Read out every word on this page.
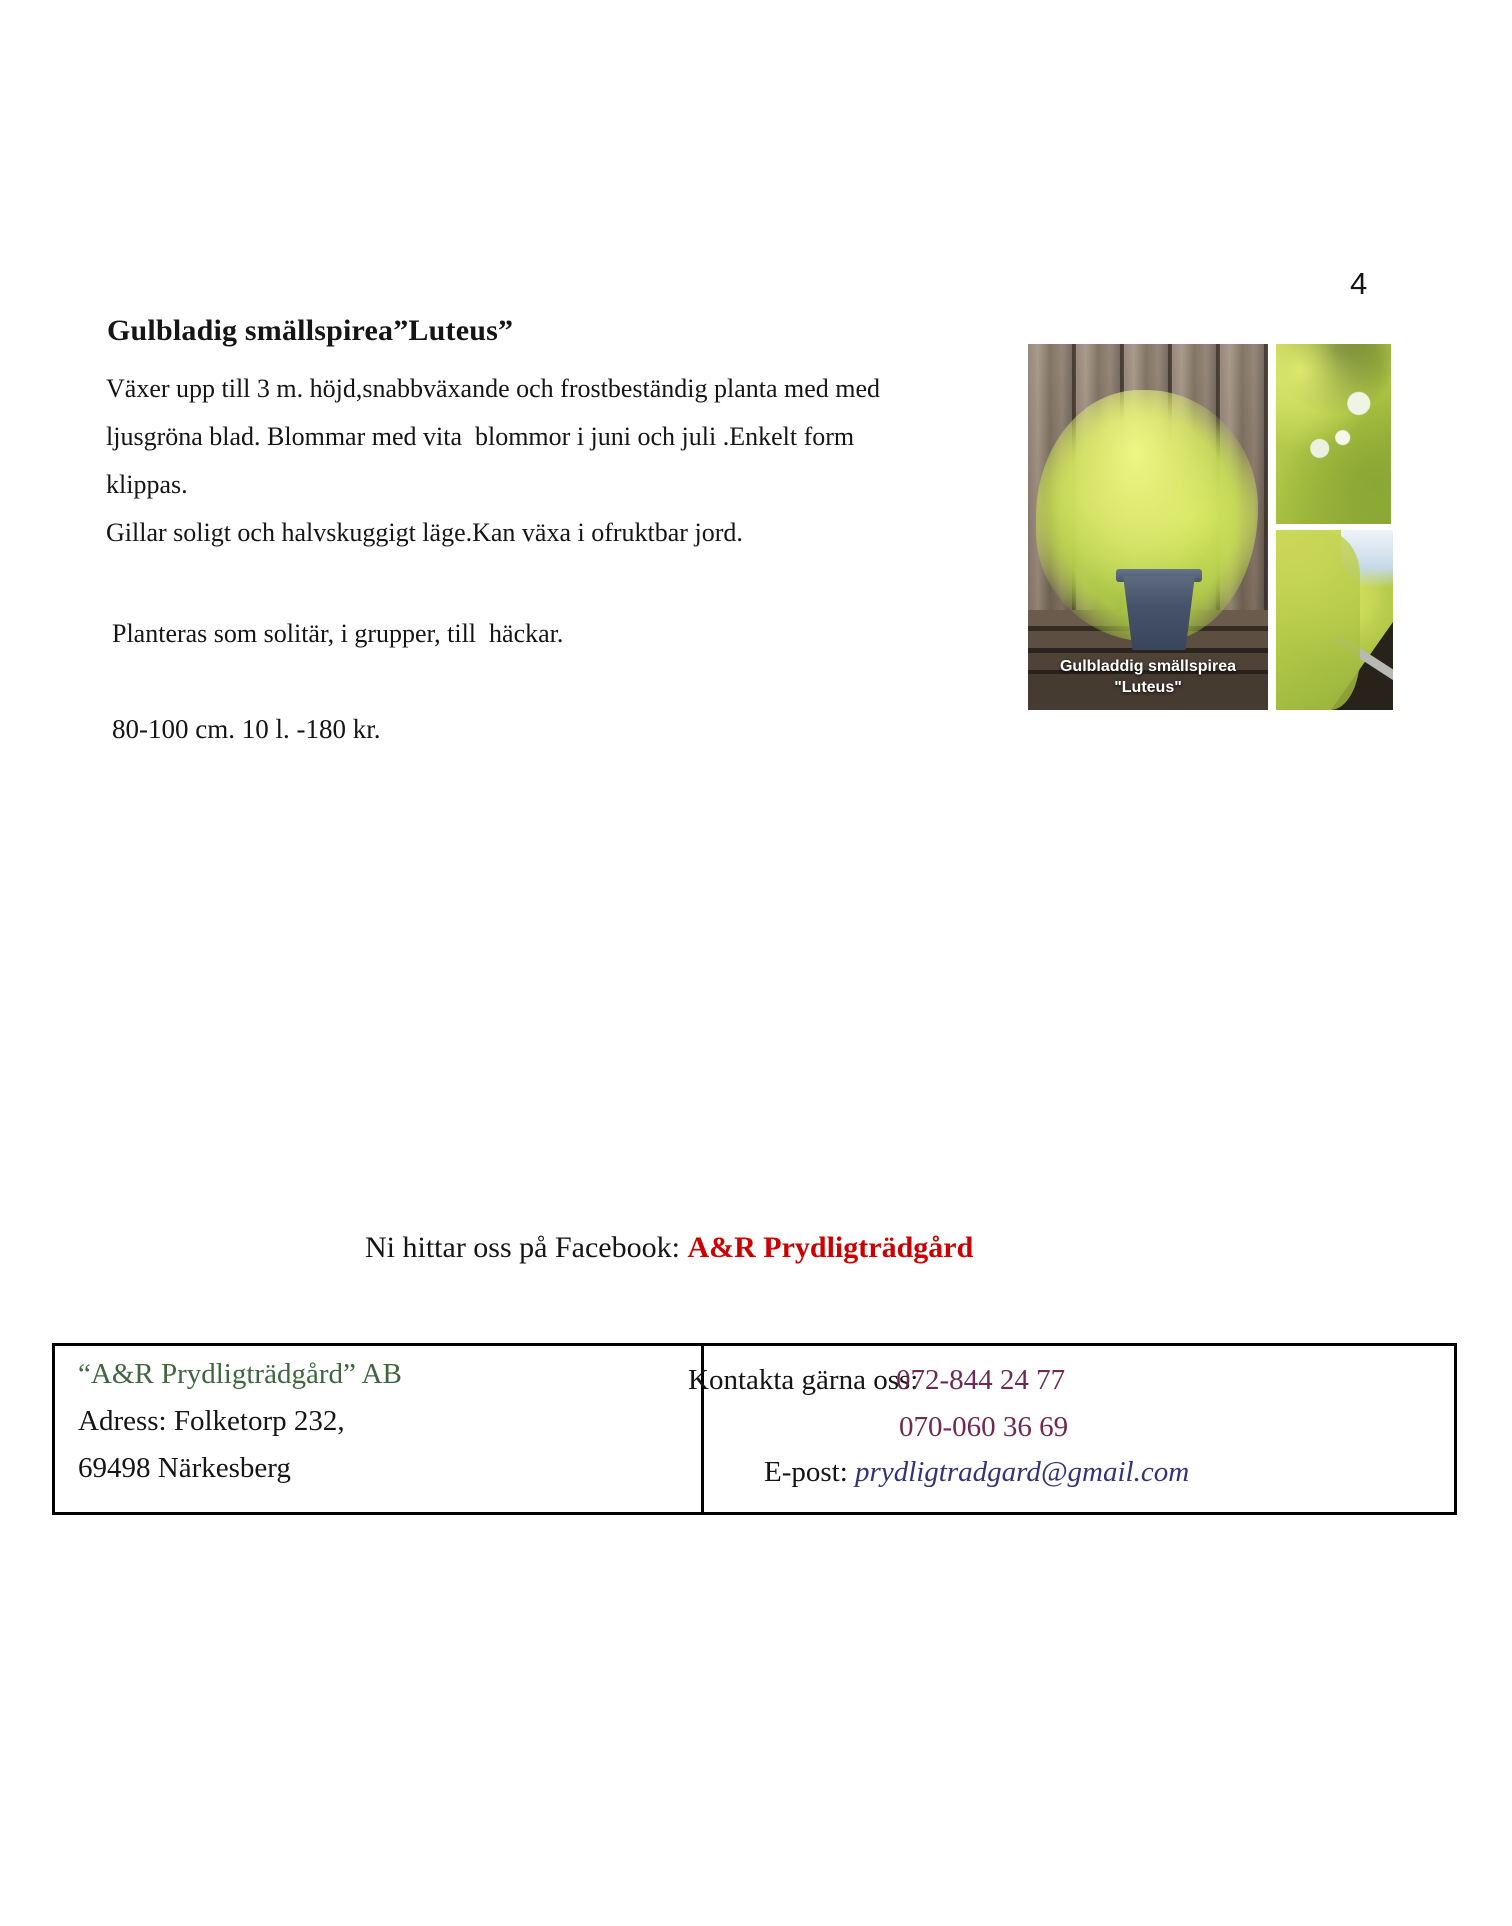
4
Gulbladig smällspirea”Luteus”
Växer upp till 3 m. höjd,snabbväxande och frostbeständig planta med med
ljusgröna blad. Blommar med vita  blommor i juni och juli .Enkelt form
klippas.
Gillar soligt och halvskuggigt läge.Kan växa i ofruktbar jord.
Planteras som solitär, i grupper, till  häckar.
80-100 cm. 10 l. -180 kr.
Gulbladdig smällspirea
"Luteus"
Ni hittar oss på Facebook: A&R Prydligträdgård
“A&R Prydligträdgård” AB
Adress: Folketorp 232,
69498 Närkesberg
Kontakta gärna oss:
072-844 24 77
070-060 36 69
E-post: prydligtradgard@gmail.com
